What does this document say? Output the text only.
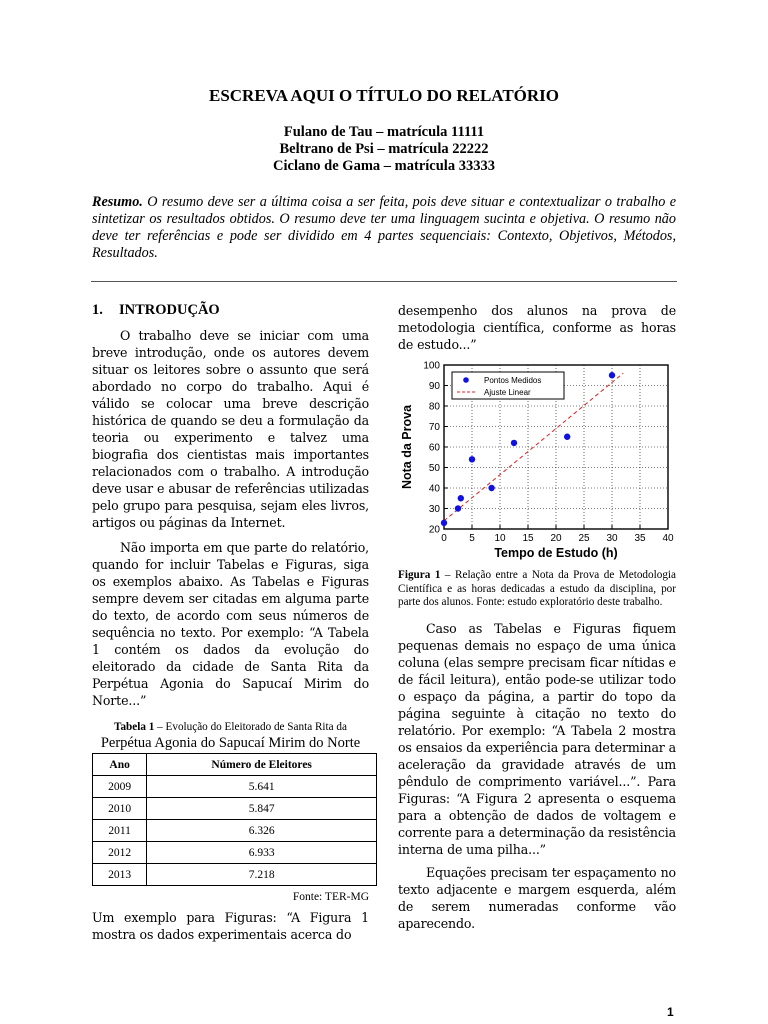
ESCREVA AQUI O TÍTULO DO RELATÓRIO
Fulano de Tau – matrícula 11111
Beltrano de Psi – matrícula 22222
Ciclano de Gama – matrícula 33333
Resumo. O resumo deve ser a última coisa a ser feita, pois deve situar e contextualizar o trabalho e sintetizar os resultados obtidos. O resumo deve ter uma linguagem sucinta e objetiva. O resumo não deve ter referências e pode ser dividido em 4 partes sequenciais: Contexto, Objetivos, Métodos, Resultados.
1. INTRODUÇÃO

O trabalho deve se iniciar com uma breve introdução, onde os autores devem situar os leitores sobre o assunto que será abordado no corpo do trabalho. Aqui é válido se colocar uma breve descrição histórica de quando se deu a formulação da teoria ou experimento e talvez uma biografia dos cientistas mais importantes relacionados com o trabalho. A introdução deve usar e abusar de referências utilizadas pelo grupo para pesquisa, sejam eles livros, artigos ou páginas da Internet.

Não importa em que parte do relatório, quando for incluir Tabelas e Figuras, siga os exemplos abaixo. As Tabelas e Figuras sempre devem ser citadas em alguma parte do texto, de acordo com seus números de sequência no texto. Por exemplo: “A Tabela 1 contém os dados da evolução do eleitorado da cidade de Santa Rita da Perpétua Agonia do Sapucaí Mirim do Norte...”

Tabela 1 – Evolução do Eleitorado de Santa Rita da
Perpétua Agonia do Sapucaí Mirim do Norte
Ano	Número de Eleitores
2009	5.641
2010	5.847
2011	6.326
2012	6.933
2013	7.218
Fonte: TER-MG

Um exemplo para Figuras: “A Figura 1 mostra os dados experimentais acerca do

desempenho dos alunos na prova de metodologia científica, conforme as horas de estudo...”

0 5 10 15 20 25 30 35 40
20
30
40
50
60
70
80
90
100
Tempo de Estudo (h)
Nota da Prova
Pontos Medidos
Ajuste Linear
Figura 1 – Relação entre a Nota da Prova de Metodologia Científica e as horas dedicadas a estudo da disciplina, por parte dos alunos. Fonte: estudo exploratório deste trabalho.

Caso as Tabelas e Figuras fiquem pequenas demais no espaço de uma única coluna (elas sempre precisam ficar nítidas e de fácil leitura), então pode-se utilizar todo o espaço da página, a partir do topo da página seguinte à citação no texto do relatório. Por exemplo: “A Tabela 2 mostra os ensaios da experiência para determinar a aceleração da gravidade através de um pêndulo de comprimento variável...”. Para Figuras: “A Figura 2 apresenta o esquema para a obtenção de dados de voltagem e corrente para a determinação da resistência interna de uma pilha...”

Equações precisam ter espaçamento no texto adjacente e margem esquerda, além de serem numeradas conforme vão aparecendo.

1
